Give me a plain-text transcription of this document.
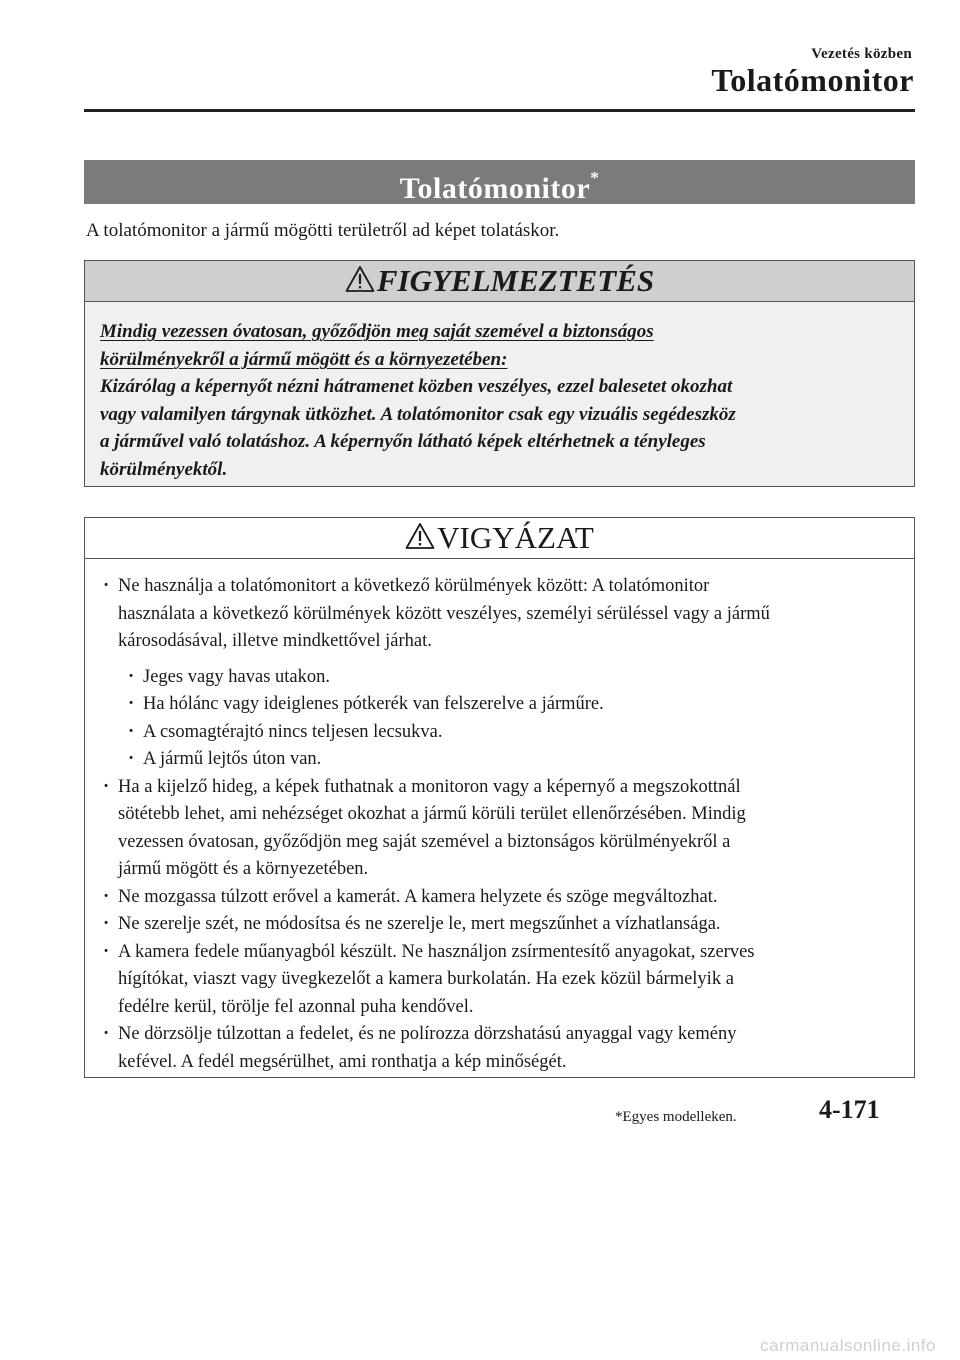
Vezetés közben
Tolatómonitor
Tolatómonitor*
A tolatómonitor a jármű mögötti területről ad képet tolatáskor.
FIGYELMEZTETÉS
Mindig vezessen óvatosan, győződjön meg saját szemével a biztonságos
körülményekről a jármű mögött és a környezetében:
Kizárólag a képernyőt nézni hátramenet közben veszélyes, ezzel balesetet okozhat
vagy valamilyen tárgynak ütközhet. A tolatómonitor csak egy vizuális segédeszköz
a járművel való tolatáshoz. A képernyőn látható képek eltérhetnek a tényleges
körülményektől.
VIGYÁZAT
· Ne használja a tolatómonitort a következő körülmények között: A tolatómonitor
használata a következő körülmények között veszélyes, személyi sérüléssel vagy a jármű
károsodásával, illetve mindkettővel járhat.
· Jeges vagy havas utakon.
· Ha hólánc vagy ideiglenes pótkerék van felszerelve a járműre.
· A csomagtérajtó nincs teljesen lecsukva.
· A jármű lejtős úton van.
· Ha a kijelző hideg, a képek futhatnak a monitoron vagy a képernyő a megszokottnál
sötétebb lehet, ami nehézséget okozhat a jármű körüli terület ellenőrzésében. Mindig
vezessen óvatosan, győződjön meg saját szemével a biztonságos körülményekről a
jármű mögött és a környezetében.
· Ne mozgassa túlzott erővel a kamerát. A kamera helyzete és szöge megváltozhat.
· Ne szerelje szét, ne módosítsa és ne szerelje le, mert megszűnhet a vízhatlansága.
· A kamera fedele műanyagból készült. Ne használjon zsírmentesítő anyagokat, szerves
hígítókat, viaszt vagy üvegkezelőt a kamera burkolatán. Ha ezek közül bármelyik a
fedélre kerül, törölje fel azonnal puha kendővel.
· Ne dörzsölje túlzottan a fedelet, és ne polírozza dörzshatású anyaggal vagy kemény
kefével. A fedél megsérülhet, ami ronthatja a kép minőségét.
*Egyes modelleken.	4-171
carmanualsonline.info
